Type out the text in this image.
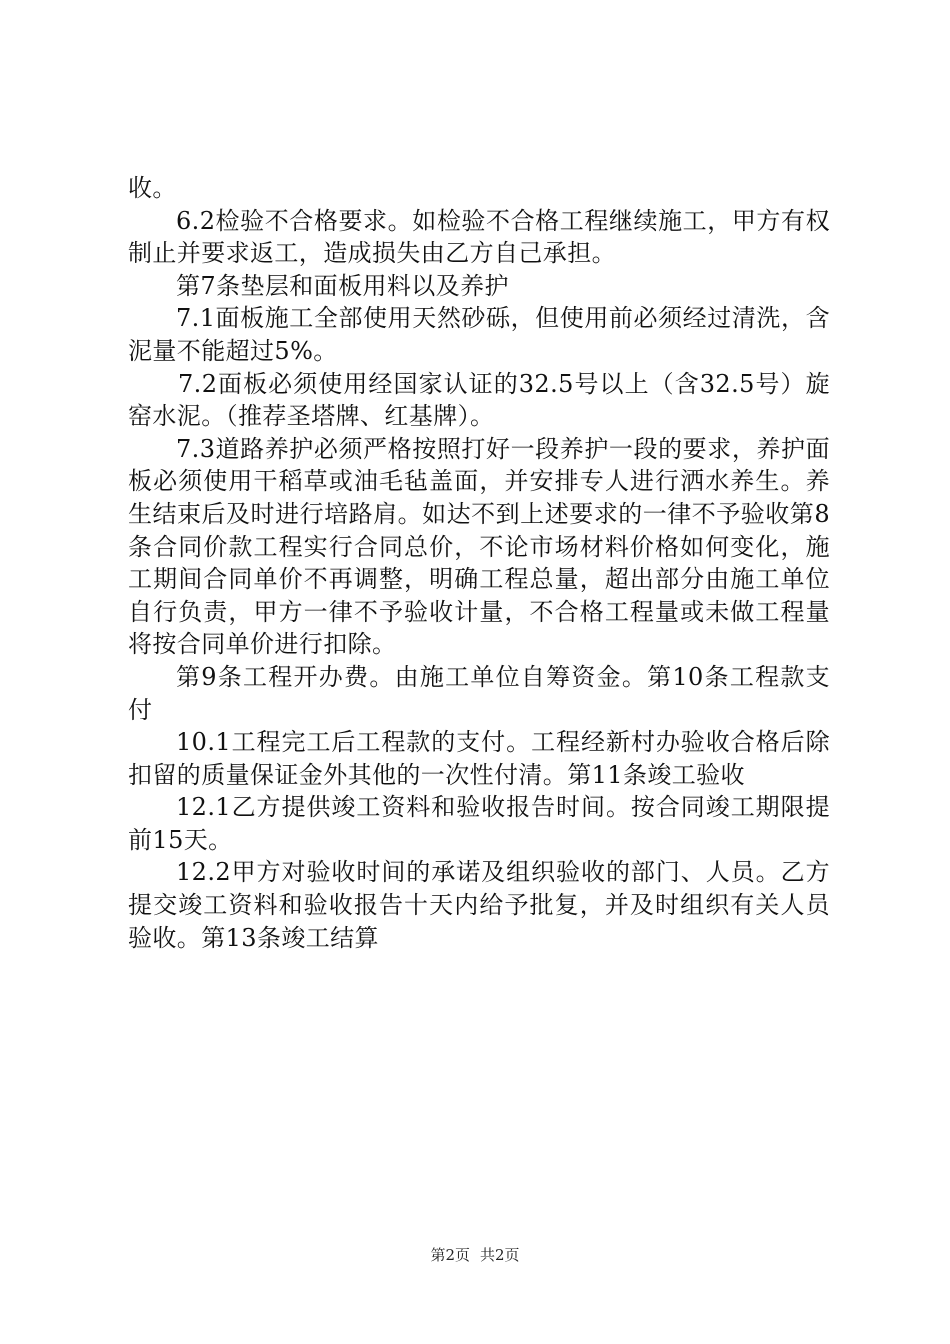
收。

6.2检验不合格要求。如检验不合格工程继续施工，甲方有权制止并要求返工，造成损失由乙方自己承担。

第7条垫层和面板用料以及养护

7.1面板施工全部使用天然砂砾，但使用前必须经过清洗，含泥量不能超过5%。

7.2面板必须使用经国家认证的32.5号以上（含32.5号）旋窑水泥。（推荐圣塔牌、红基牌）。

7.3道路养护必须严格按照打好一段养护一段的要求，养护面板必须使用干稻草或油毛毡盖面，并安排专人进行洒水养生。养生结束后及时进行培路肩。如达不到上述要求的一律不予验收第8条合同价款工程实行合同总价，不论市场材料价格如何变化，施工期间合同单价不再调整，明确工程总量，超出部分由施工单位自行负责，甲方一律不予验收计量，不合格工程量或未做工程量将按合同单价进行扣除。

第9条工程开办费。由施工单位自筹资金。第10条工程款支付

10.1工程完工后工程款的支付。工程经新村办验收合格后除扣留的质量保证金外其他的一次性付清。第11条竣工验收

12.1乙方提供竣工资料和验收报告时间。按合同竣工期限提前15天。

12.2甲方对验收时间的承诺及组织验收的部门、人员。乙方提交竣工资料和验收报告十天内给予批复，并及时组织有关人员验收。第13条竣工结算

第2页 共2页
